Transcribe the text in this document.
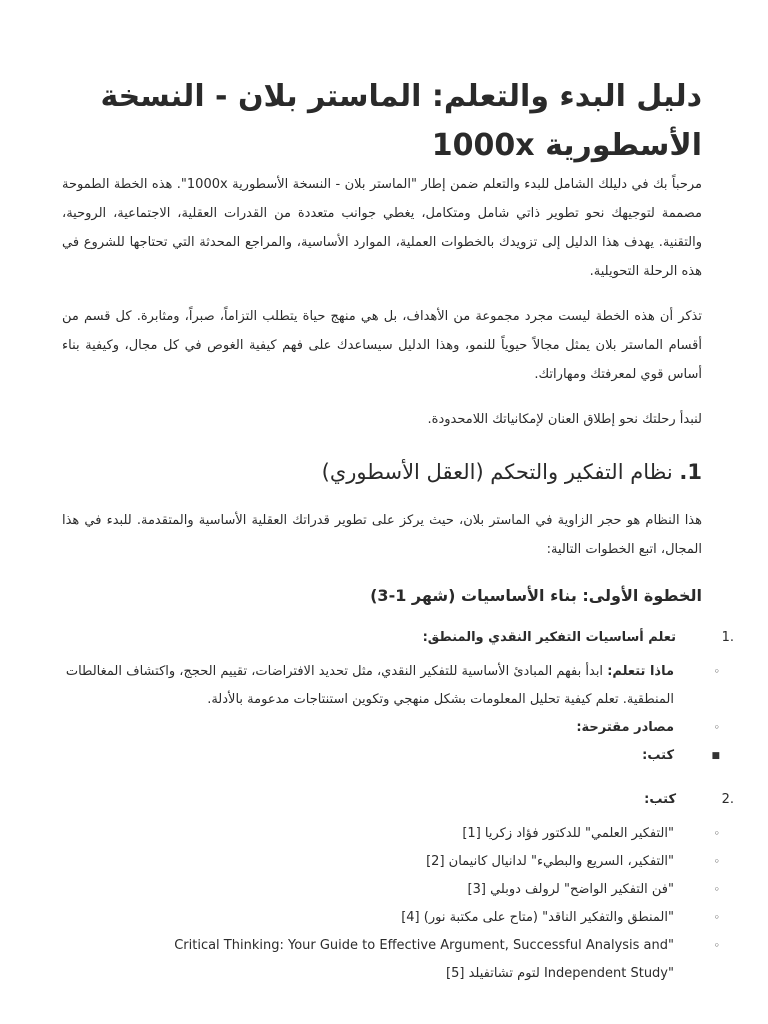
دليل البدء والتعلم: الماستر بلان - النسخة الأسطورية 1000x

مرحباً بك في دليلك الشامل للبدء والتعلم ضمن إطار "الماستر بلان - النسخة الأسطورية 1000x". هذه الخطة الطموحة مصممة لتوجيهك نحو تطوير ذاتي شامل ومتكامل، يغطي جوانب متعددة من القدرات العقلية، الاجتماعية، الروحية، والتقنية. يهدف هذا الدليل إلى تزويدك بالخطوات العملية، الموارد الأساسية، والمراجع المحدثة التي تحتاجها للشروع في هذه الرحلة التحويلية.

تذكر أن هذه الخطة ليست مجرد مجموعة من الأهداف، بل هي منهج حياة يتطلب التزاماً، صبراً، ومثابرة. كل قسم من أقسام الماستر بلان يمثل مجالاً حيوياً للنمو، وهذا الدليل سيساعدك على فهم كيفية الغوص في كل مجال، وكيفية بناء أساس قوي لمعرفتك ومهاراتك.

لنبدأ رحلتك نحو إطلاق العنان لإمكانياتك اللامحدودة.

1. نظام التفكير والتحكم (العقل الأسطوري)

هذا النظام هو حجر الزاوية في الماستر بلان، حيث يركز على تطوير قدراتك العقلية الأساسية والمتقدمة. للبدء في هذا المجال، اتبع الخطوات التالية:

الخطوة الأولى: بناء الأساسيات (شهر 1-3)
1.
تعلم أساسيات التفكير النقدي والمنطق:
◦
ماذا تتعلم: ابدأ بفهم المبادئ الأساسية للتفكير النقدي، مثل تحديد الافتراضات، تقييم الحجج، واكتشاف المغالطات المنطقية. تعلم كيفية تحليل المعلومات بشكل منهجي وتكوين استنتاجات مدعومة بالأدلة.
◦
مصادر مقترحة:
■
كتب:
2.
كتب:
◦
"التفكير العلمي" للدكتور فؤاد زكريا [1]
◦
"التفكير، السريع والبطيء" لدانيال كانيمان [2]
◦
"فن التفكير الواضح" لرولف دوبلي [3]
◦
"المنطق والتفكير الناقد" (متاح على مكتبة نور) [4]
◦
Critical Thinking: Your Guide to Effective Argument, Successful Analysis and"
"Independent Study لتوم تشاتفيلد [5]
